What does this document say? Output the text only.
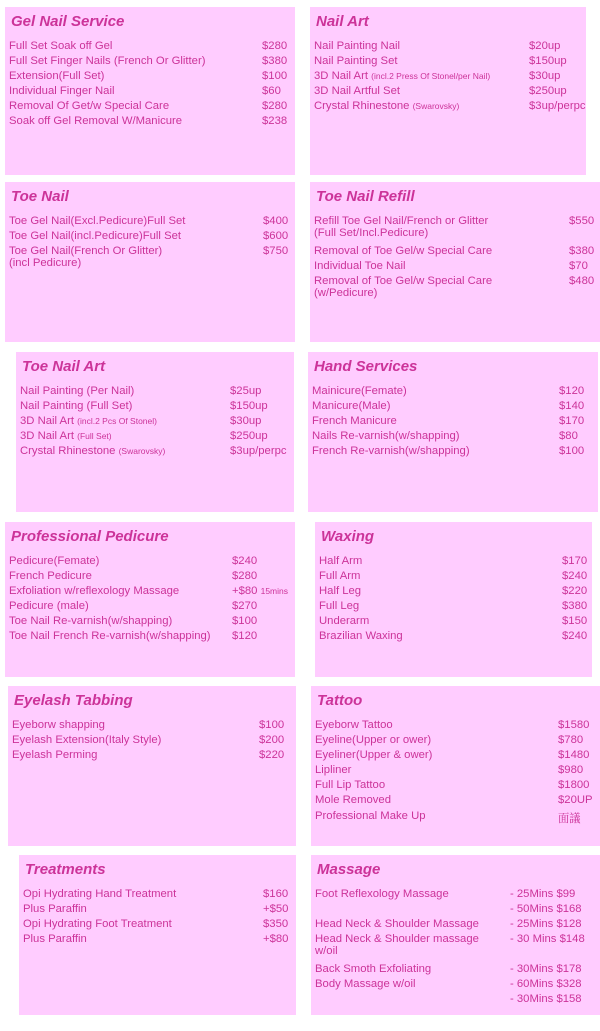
Gel Nail Service
Full Set Soak off Gel	$280
Full Set Finger Nails (French Or Glitter)	$380
Extension(Full Set)	$100
Individual Finger Nail	$60
Removal Of Get/w Special Care	$280
Soak off Gel Removal W/Manicure	$238
Nail Art
Nail Painting Nail	$20up
Nail Painting Set	$150up
3D Nail Art (incl.2 Press Of Stonel/per Nail)	$30up
3D Nail Artful Set	$250up
Crystal Rhinestone (Swarovsky)	$3up/perpc
Toe Nail
Toe Gel Nail(Excl.Pedicure)Full Set	$400
Toe Gel Nail(incl.Pedicure)Full Set	$600
Toe Gel Nail(French Or Glitter)
(incl Pedicure)
$750
Toe Nail Refill
Refill Toe Gel Nail/French or Glitter
(Full Set/Incl.Pedicure)
$550
Removal of Toe Gel/w Special Care	$380
Individual Toe Nail	$70
Removal of Toe Gel/w Special Care
(w/Pedicure)
$480
Toe Nail Art
Nail Painting (Per Nail)	$25up
Nail Painting (Full Set)	$150up
3D Nail Art (incl.2 Pcs Of Stonel)	$30up
3D Nail Art (Full Set)	$250up
Crystal Rhinestone (Swarovsky)	$3up/perpc
Hand Services
Mainicure(Femate)	$120
Manicure(Male)	$140
French Manicure	$170
Nails Re-varnish(w/shapping)	$80
French Re-varnish(w/shapping)	$100
Professional Pedicure
Pedicure(Femate)	$240
French Pedicure	$280
Exfoliation w/reflexology Massage	+$80 15mins
Pedicure (male)	$270
Toe Nail Re-varnish(w/shapping)	$100
Toe Nail French Re-varnish(w/shapping) $120
Waxing
Half Arm	$170
Full Arm	$240
Half Leg	$220
Full Leg	$380
Underarm	$150
Brazilian Waxing	$240
Eyelash Tabbing
Eyeborw shapping	$100
Eyelash Extension(Italy Style)	$200
Eyelash Perming	$220
Tattoo
Eyeborw Tattoo	$1580
Eyeline(Upper or ower)	$780
Eyeliner(Upper & ower)	$1480
Lipliner	$980
Full Lip Tattoo	$1800
Mole Removed	$20UP
Professional Make Up	面議
Treatments
Opi Hydrating Hand Treatment	$160
Plus Paraffin	+$50
Opi Hydrating Foot Treatment	$350
Plus Paraffin	+$80
Massage
Foot Reflexology Massage	- 25Mins $99
- 50Mins $168
Head Neck & Shoulder Massage	- 25Mins $128
Head Neck & Shoulder massage
w/oil
- 30 Mins $148
Back Smoth Exfoliating	- 30Mins $178
Body Massage w/oil	- 60Mins $328
- 30Mins $158
